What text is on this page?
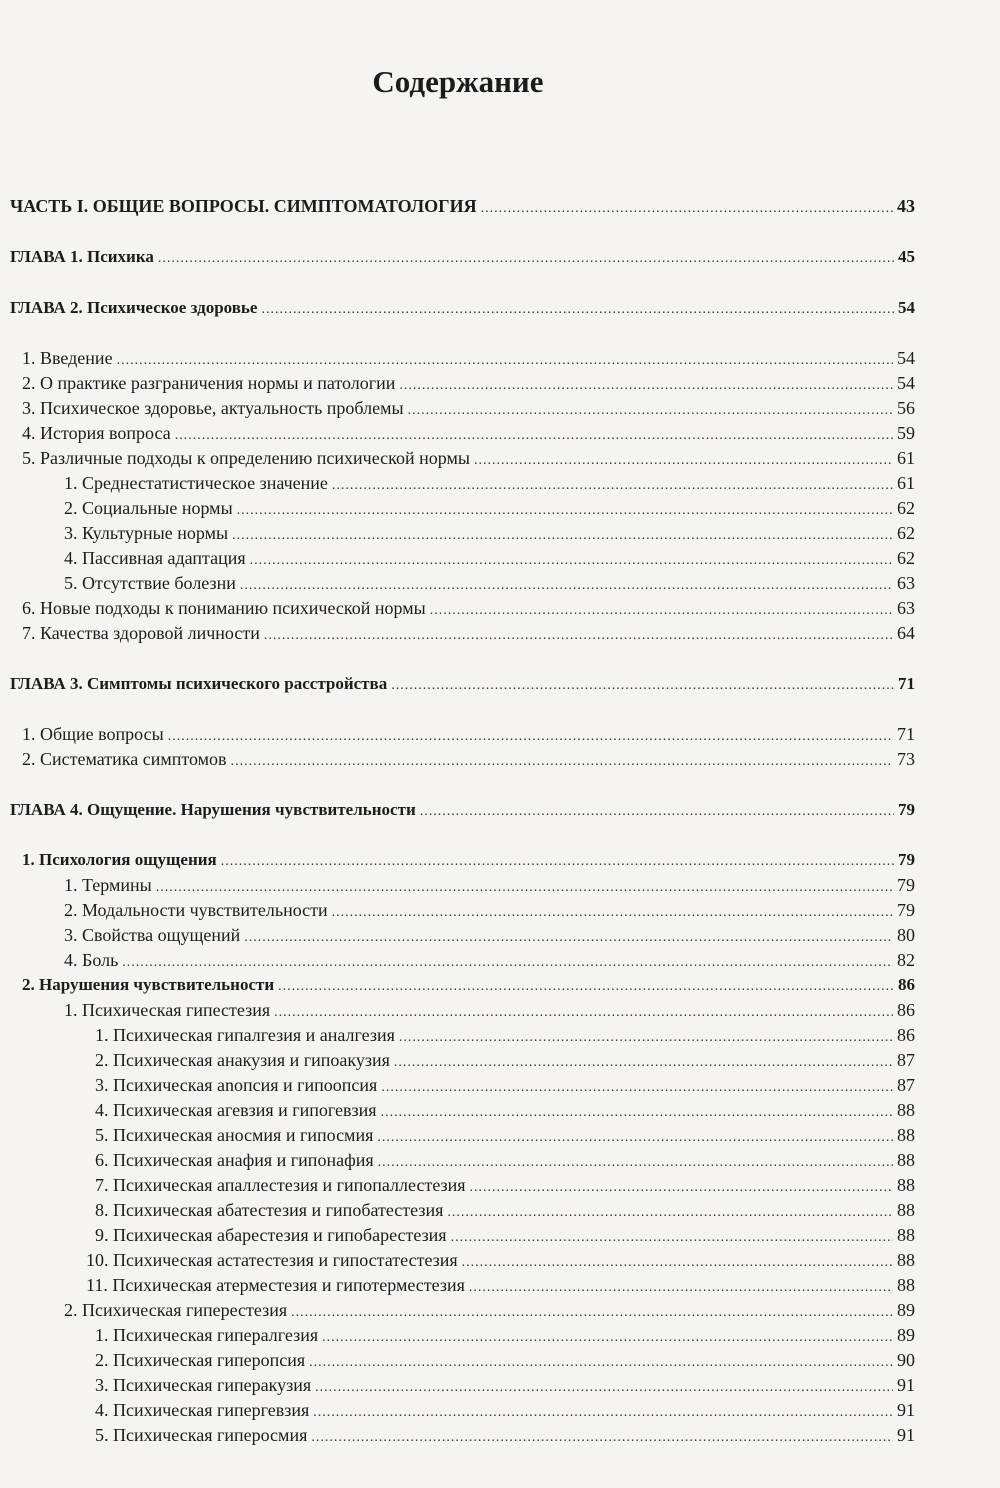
Содержание
ЧАСТЬ I. ОБЩИЕ ВОПРОСЫ. СИМПТОМАТОЛОГИЯ .....	43
ГЛАВА 1. Психика .....	45
ГЛАВА 2. Психическое здоровье .....	54
1. Введение .....	54
2. О практике разграничения нормы и патологии .....	54
3. Психическое здоровье, актуальность проблемы .....	56
4. История вопроса .....	59
5. Различные подходы к определению психической нормы .....	61
1. Среднестатистическое значение .....	61
2. Социальные нормы .....	62
3. Культурные нормы .....	62
4. Пассивная адаптация .....	62
5. Отсутствие болезни .....	63
6. Новые подходы к пониманию психической нормы .....	63
7. Качества здоровой личности .....	64
ГЛАВА 3. Симптомы психического расстройства .....	71
1. Общие вопросы .....	71
2. Систематика симптомов .....	73
ГЛАВА 4. Ощущение. Нарушения чувствительности .....	79
1. Психология ощущения .....	79
1. Термины .....	79
2. Модальности чувствительности .....	79
3. Свойства ощущений .....	80
4. Боль .....	82
2. Нарушения чувствительности .....	86
1. Психическая гипестезия .....	86
1. Психическая гипалгезия и аналгезия .....	86
2. Психическая анакузия и гипоакузия .....	87
3. Психическая аnопсия и гипоопсия .....	87
4. Психическая агевзия и гипогевзия .....	88
5. Психическая аносмия и гипосмия .....	88
6. Психическая анафия и гипонафия .....	88
7. Психическая апаллестезия и гипопаллестезия .....	88
8. Психическая абатестезия и гипобатестезия .....	88
9. Психическая абарестезия и гипобарестезия .....	88
10. Психическая астатестезия и гипостатестезия .....	88
11. Психическая атерместезия и гипотерместезия .....	88
2. Психическая гиперестезия .....	89
1. Психическая гипералгезия .....	89
2. Психическая гиперопсия .....	90
3. Психическая гиперакузия .....	91
4. Психическая гипергевзия .....	91
5. Психическая гиперосмия .....	91
